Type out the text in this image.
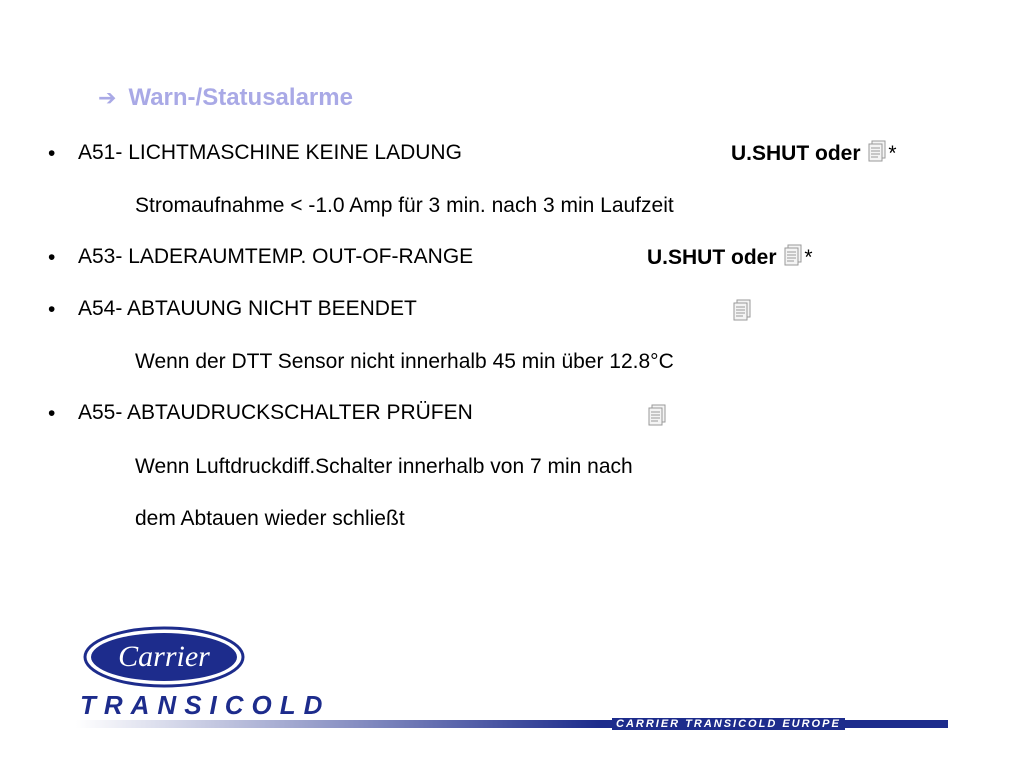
➔ Warn-/Statusalarme
• A51- LICHTMASCHINE KEINE LADUNG	U.SHUT oder *
Stromaufnahme < -1.0 Amp für 3 min. nach 3 min Laufzeit
• A53- LADERAUMTEMP. OUT-OF-RANGE	U.SHUT oder *
• A54- ABTAUUNG NICHT BEENDET
Wenn der DTT Sensor nicht innerhalb 45 min über 12.8°C
• A55- ABTAUDRUCKSCHALTER PRÜFEN
Wenn Luftdruckdiff.Schalter innerhalb von 7 min nach
dem Abtauen wieder schließt
Carrier
TRANSICOLD
CARRIER TRANSICOLD EUROPE
